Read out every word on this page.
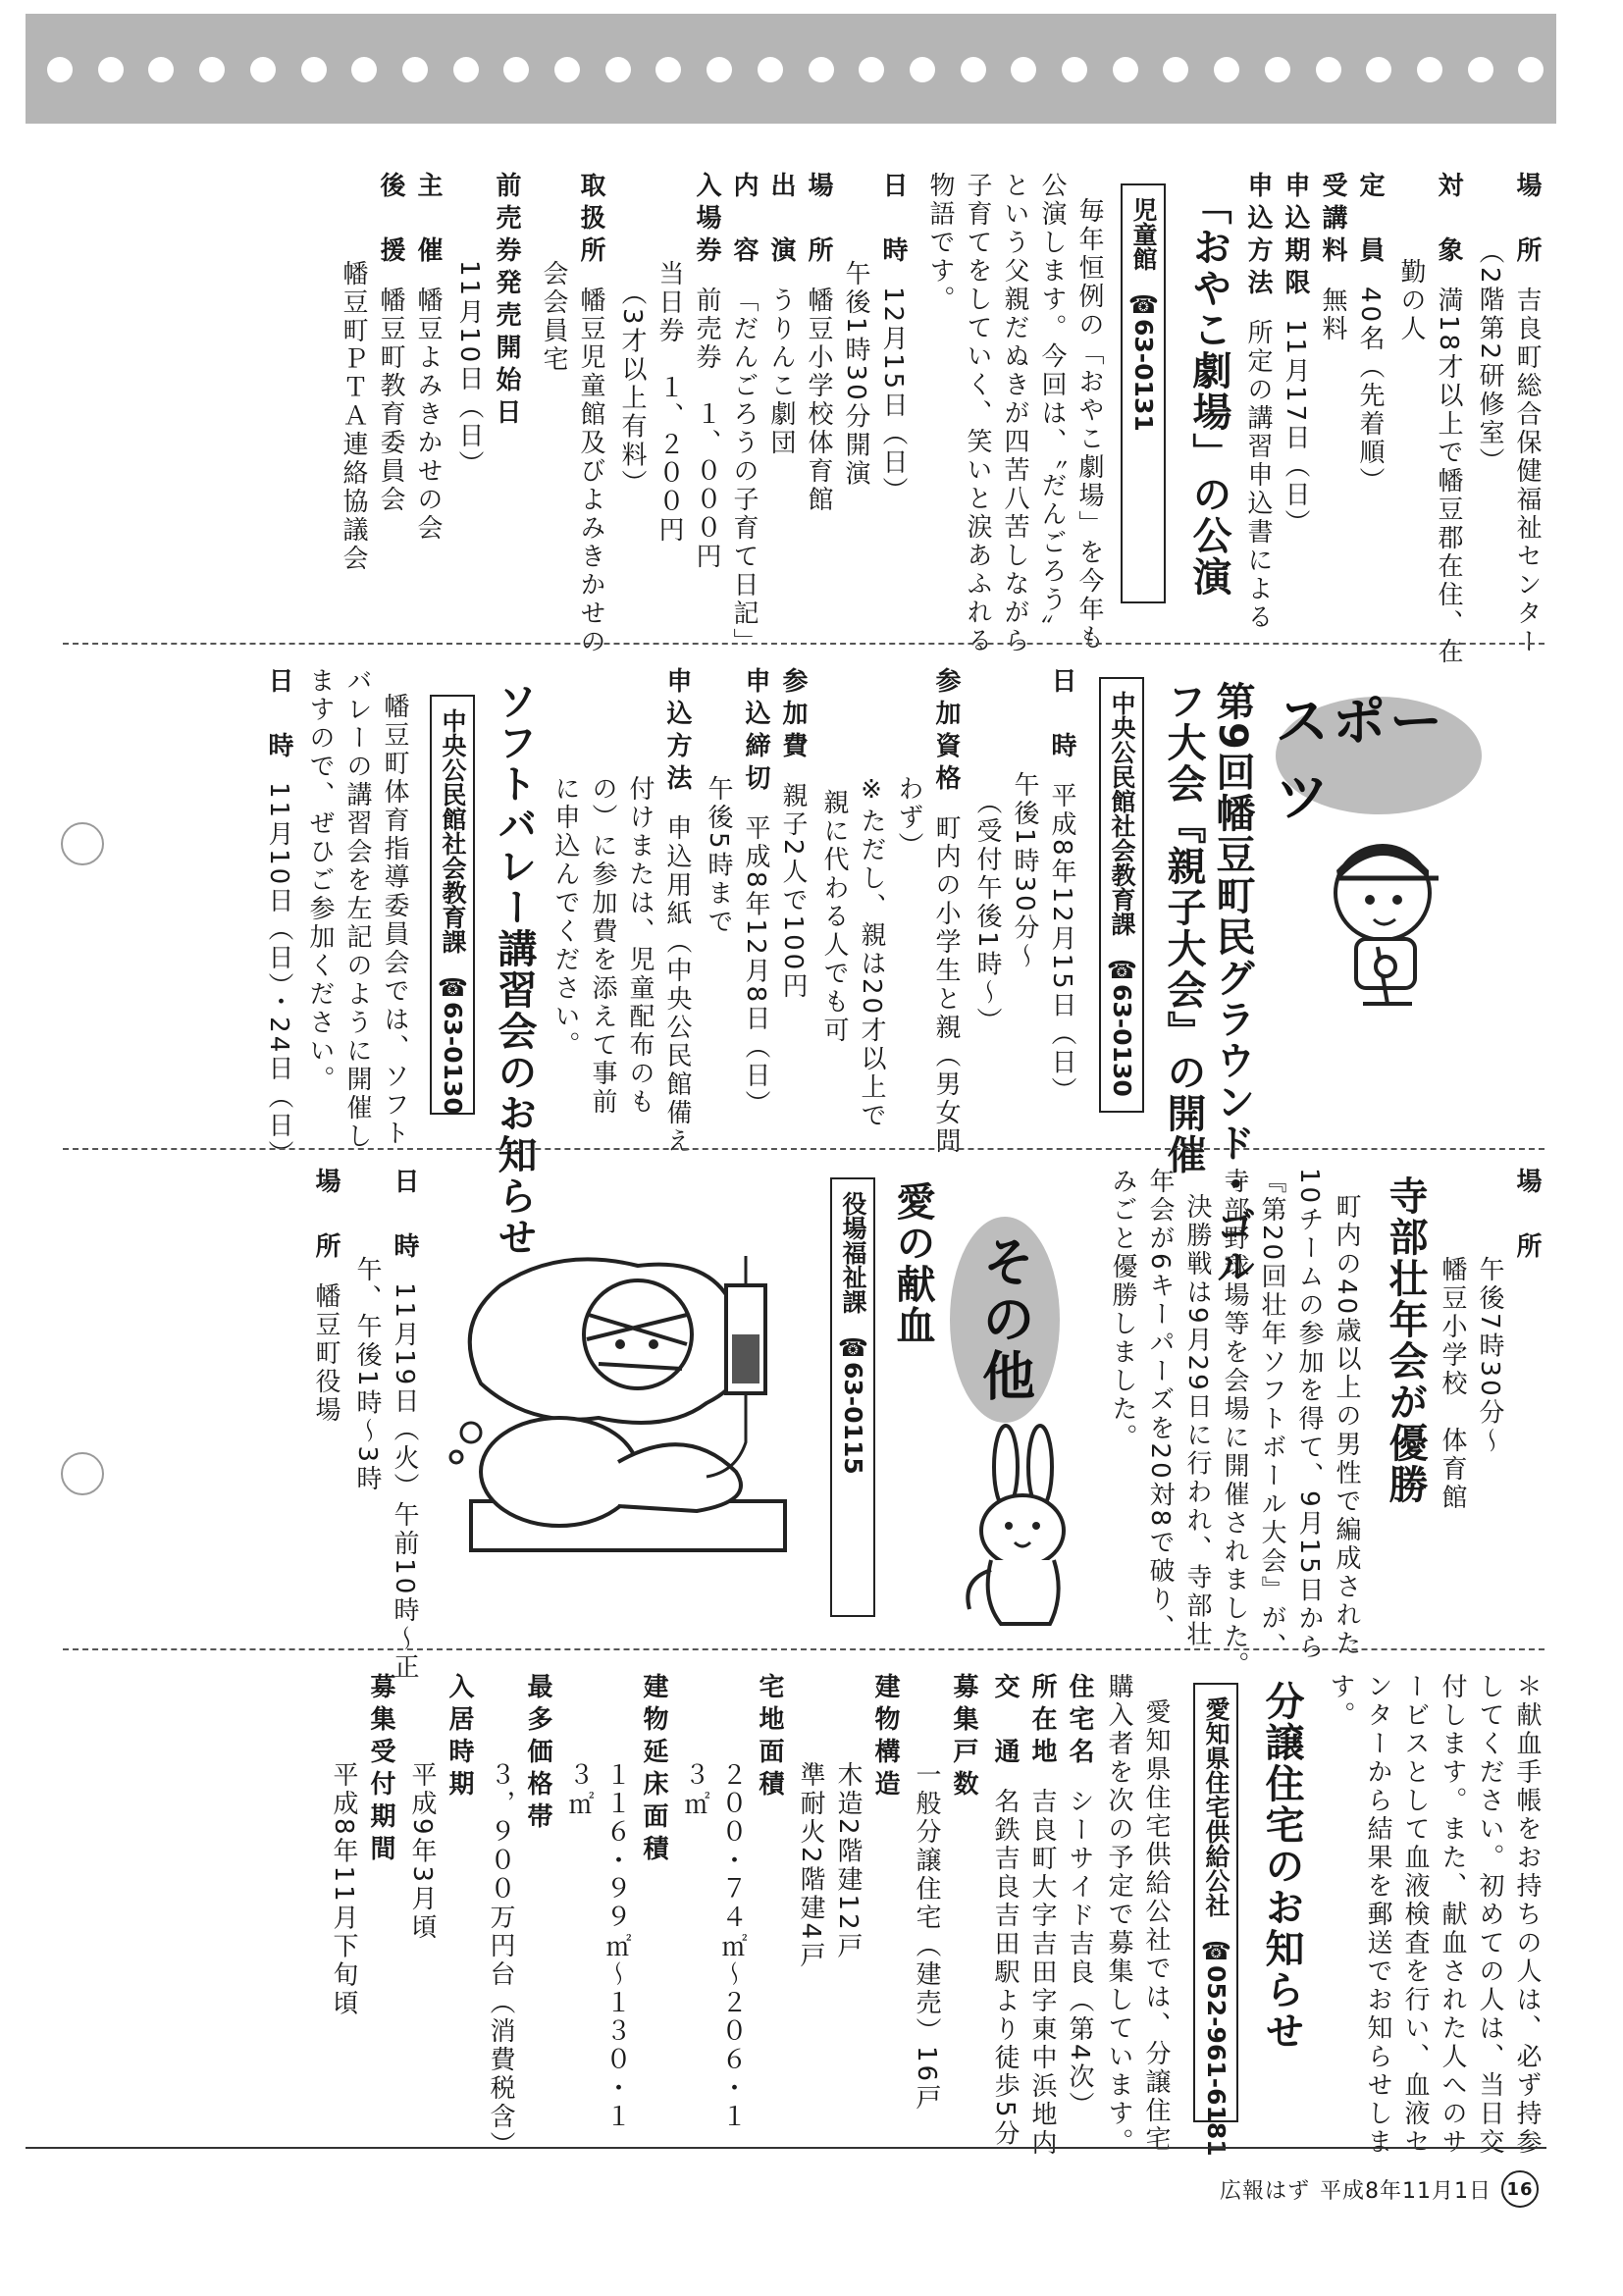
場　所吉良町総合保健福祉センター
（2階第2研修室）
対　象満18才以上で幡豆郡在住、在
勤の人
定　員40名（先着順）
受講料無料
申込期限11月17日（日）
申込方法所定の講習申込書による
「おやこ劇場」の公演
児童館☎63-0131
毎年恒例の「おやこ劇場」を今年も
公演します。今回は、〝だんごろう〟
という父親だぬきが四苦八苦しながら
子育てをしていく、笑いと涙あふれる
物語です。
日　時12月15日（日）
午後1時30分開演
場　所幡豆小学校体育館
出　演うりんこ劇団
内　容「だんごろうの子育て日記」
入場券前売券　１、０００円
当日券　１、２００円
（3才以上有料）
取扱所幡豆児童館及びよみきかせの
会会員宅
前売券発売開始日
11月10日（日）
主　催幡豆よみきかせの会
後　援幡豆町教育委員会
幡豆町ＰＴＡ連絡協議会
スポーツ
第9回幡豆町民グラウンド・ゴル
フ大会『親子大会』の開催
中央公民館社会教育課☎63-0130
日　時平成8年12月15日（日）
午後1時30分～
（受付午後1時～）
参加資格町内の小学生と親（男女問
わず）
※ただし、親は20才以上で
親に代わる人でも可
参加費親子2人で100円
申込締切平成8年12月8日（日）
午後5時まで
申込方法申込用紙（中央公民館備え
付けまたは、児童配布のも
の）に参加費を添えて事前
に申込んでください。
ソフトバレー講習会のお知らせ
中央公民館社会教育課☎63-0130
幡豆町体育指導委員会では、ソフト
バレーの講習会を左記のように開催し
ますので、ぜひご参加ください。
日　時11月10日（日）・24日（日）
場　所
午後7時30分～
幡豆小学校　体育館
寺部壮年会が優勝
町内の40歳以上の男性で編成された
10チームの参加を得て、9月15日から
『第20回壮年ソフトボール大会』が、
寺部野球場等を会場に開催されました。
決勝戦は9月29日に行われ、寺部壮
年会が6キーパーズを20対8で破り、
みごと優勝しました。
その他
愛の献血
役場福祉課☎63-0115
日　時11月19日（火）午前10時～正
午、午後1時～3時
場　所幡豆町役場
＊献血手帳をお持ちの人は、必ず持参
してください。初めての人は、当日交
付します。また、献血された人へのサ
ービスとして血液検査を行い、血液セ
ンターから結果を郵送でお知らせしま
す。
分譲住宅のお知らせ
愛知県住宅供給公社☎052-961-6181
愛知県住宅供給公社では、分譲住宅
購入者を次の予定で募集しています。
住宅名シーサイド吉良（第4次）
所在地吉良町大字吉田字東中浜地内
交　通名鉄吉良吉田駅より徒歩5分
募集戸数
一般分譲住宅（建売）16戸
建物構造
木造2階建12戸
準耐火2階建4戸
宅地面積
２００・７４㎡～２０６・１
３㎡
建物延床面積
１１６・９９㎡～１３０・１
３㎡
最多価格帯
３，９００万円台（消費税含）
入居時期
平成9年3月頃
募集受付期間
平成8年11月下旬頃
広報はず 平成8年11月1日 16
